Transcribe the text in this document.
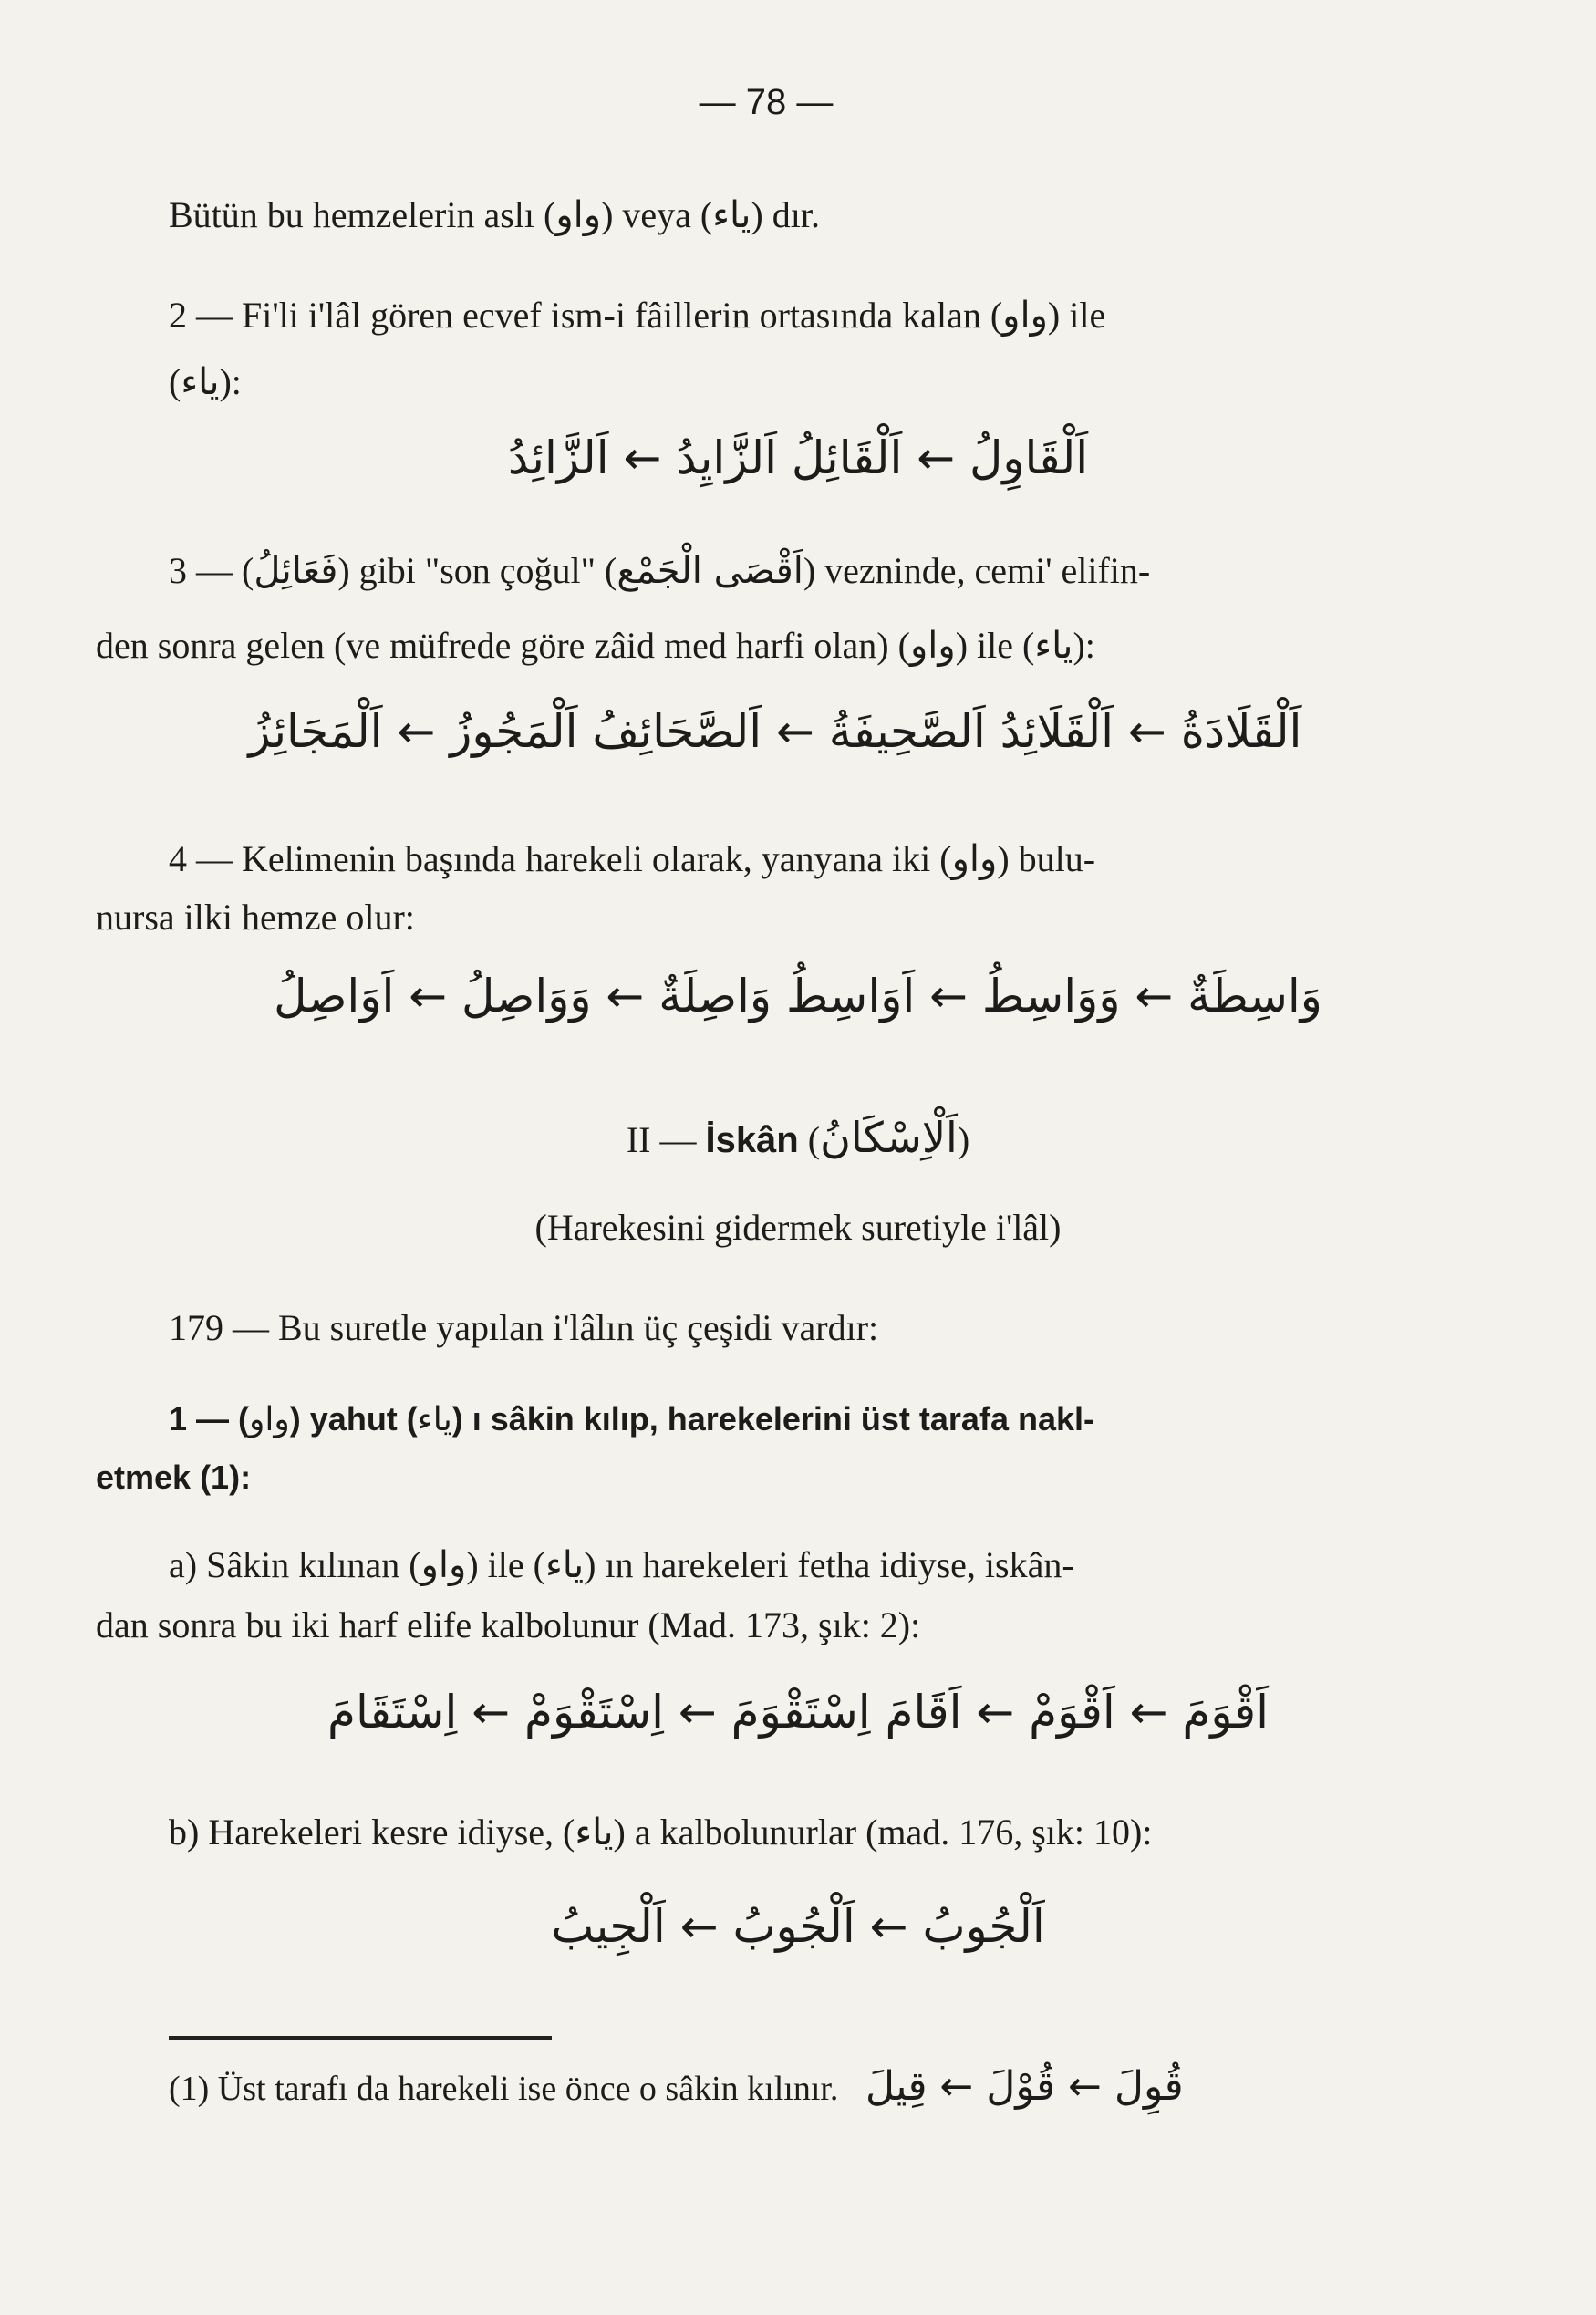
— 78 —
Bütün bu hemzelerin aslı (واو) veya (ياء) dır.
2 — Fi'li i'lâl gören ecvef ism-i fâillerin ortasında kalan (واو) ile
(ياء):
اَلْقَاوِلُ ← اَلْقَائِلُ اَلزَّايِدُ ← اَلزَّائِدُ
3 — (فَعَائِلُ) gibi "son çoğul" (اَقْصَى الْجَمْع) vezninde, cemi' elifin-
den sonra gelen (ve müfrede göre zâid med harfi olan) (واو) ile (ياء):
اَلْقَلَادَةُ ← اَلْقَلَائِدُ اَلصَّحِيفَةُ ← اَلصَّحَائِفُ اَلْمَجُوزُ ← اَلْمَجَائِزُ
4 — Kelimenin başında harekeli olarak, yanyana iki (واو) bulu-
nursa ilki hemze olur:
وَاسِطَةٌ ← وَوَاسِطُ ← اَوَاسِطُ وَاصِلَةٌ ← وَوَاصِلُ ← اَوَاصِلُ
II — İskân (اَلْاِسْكَانُ)
(Harekesini gidermek suretiyle i'lâl)
179 — Bu suretle yapılan i'lâlın üç çeşidi vardır:
1 — (واو) yahut (ياء) ı sâkin kılıp, harekelerini üst tarafa nakl-
etmek (1):
a) Sâkin kılınan (واو) ile (ياء) ın harekeleri fetha idiyse, iskân-
dan sonra bu iki harf elife kalbolunur (Mad. 173, şık: 2):
اَقْوَمَ ← اَقْوَمْ ← اَقَامَ اِسْتَقْوَمَ ← اِسْتَقْوَمْ ← اِسْتَقَامَ
b) Harekeleri kesre idiyse, (ياء) a kalbolunurlar (mad. 176, şık: 10):
اَلْجُوبُ ← اَلْجُوبُ ← اَلْجِيبُ
(1) Üst tarafı da harekeli ise önce o sâkin kılınır. قُوِلَ ← قُوْلَ ← قِيلَ
